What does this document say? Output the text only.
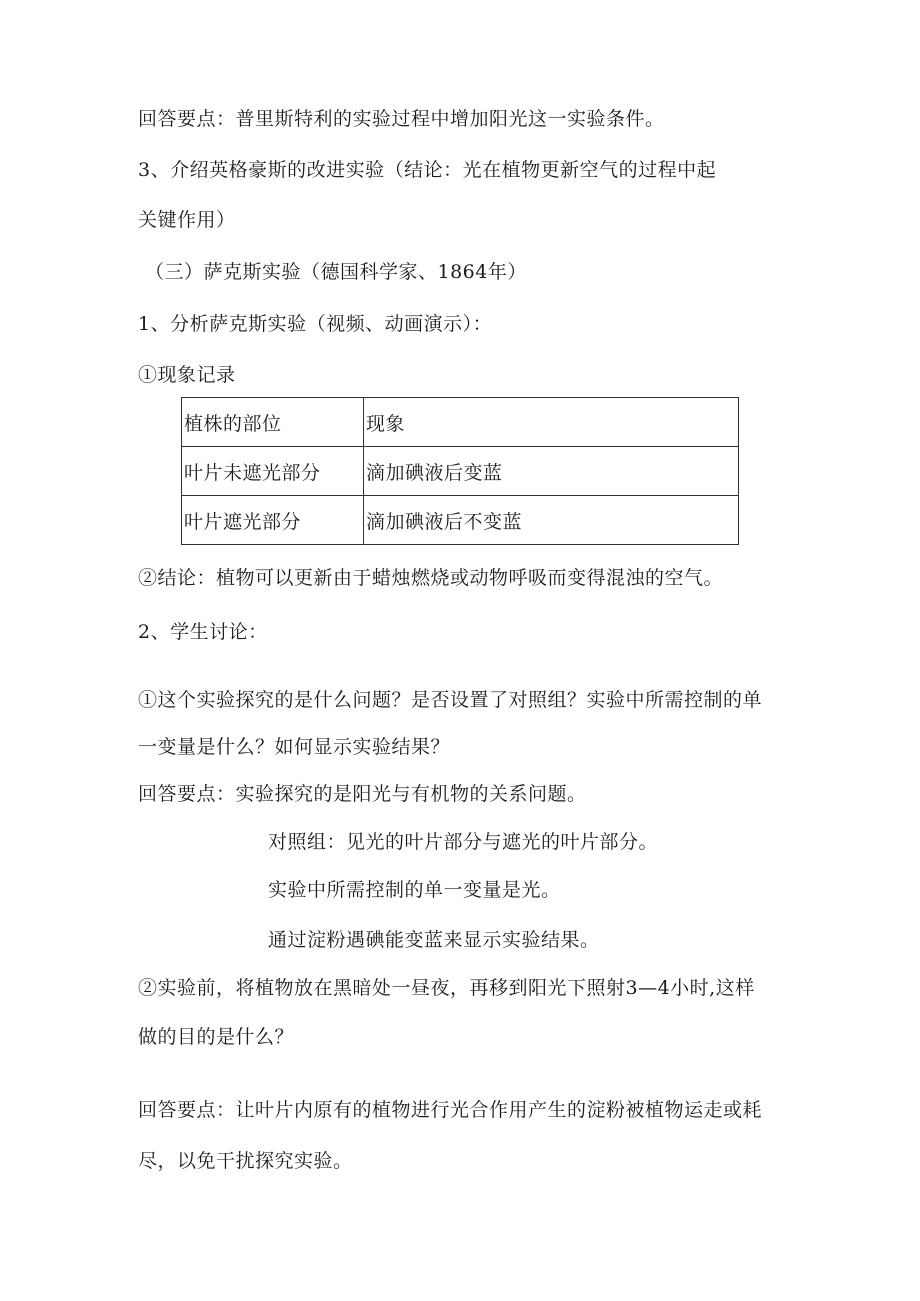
回答要点：普里斯特利的实验过程中增加阳光这一实验条件。
3、介绍英格豪斯的改进实验（结论：光在植物更新空气的过程中起
关键作用）
（三）萨克斯实验（德国科学家、1864年）
1、分析萨克斯实验（视频、动画演示）：
①现象记录
植株的部位	现象
叶片未遮光部分	滴加碘液后变蓝
叶片遮光部分	滴加碘液后不变蓝
②结论：植物可以更新由于蜡烛燃烧或动物呼吸而变得混浊的空气。
2、学生讨论：
①这个实验探究的是什么问题？是否设置了对照组？实验中所需控制的单
一变量是什么？如何显示实验结果？
回答要点：实验探究的是阳光与有机物的关系问题。
对照组：见光的叶片部分与遮光的叶片部分。
实验中所需控制的单一变量是光。
通过淀粉遇碘能变蓝来显示实验结果。
②实验前，将植物放在黑暗处一昼夜，再移到阳光下照射3—4小时,这样
做的目的是什么？
回答要点：让叶片内原有的植物进行光合作用产生的淀粉被植物运走或耗
尽，以免干扰探究实验。
